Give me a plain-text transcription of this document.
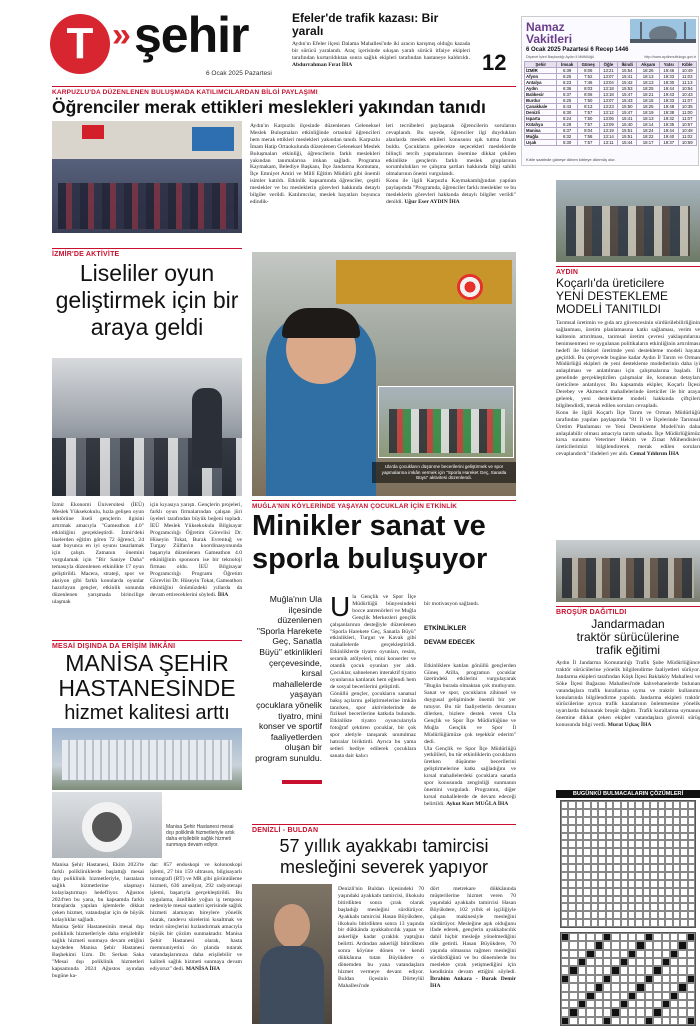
T » şehir
6 Ocak 2025 Pazartesi
Efeler'de trafik kazası: Bir yaralı
Aydın'ın Efeler ilçesi Dalama Mahallesi'nde iki aracın karışmış olduğu kazada bir sürücü yaralandı. Araç içerisinde sıkışan yaralı sürücü itfaiye ekipleri tarafından kurtarıldıktan sonra sağlık ekipleri tarafından hastaneye kaldırıldı. Abdurrahman Fırat İHA	12
Namaz
Vakitleri
6 Ocak 2025 Pazartesi 6 Recep 1446
Diyanet İşleri Başkanlığı Aydın İl Müftülüğü	http://www.aydinmuftulugu.gov.tr
Şehir	İmsak	Güneş	Öğle	İkindi	Akşam	Yatsı	Kıble
İZMİR	6:39	8:06	13:21	15:54	18:26	19:46	10:49
Afyon	6:25	7:52	13:07	15:41	18:13	19:33	11:03
Antalya	6:23	7:46	13:04	15:42	18:13	19:30	11:13
Aydın	6:36	8:03	13:18	15:53	18:25	19:44	10:54
Balıkesir	6:37	8:06	13:18	15:47	18:21	19:43	10:43
Burdur	6:25	7:50	13:07	15:43	18:15	19:33	11:07
Çanakkale	6:43	8:13	13:23	15:50	18:25	19:48	10:35
Denizli	6:30	7:57	13:12	15:47	18:19	19:38	11:00
Isparta	6:24	7:50	13:06	15:41	18:13	19:32	11:07
Kütahya	6:28	7:57	13:09	15:40	18:14	19:35	10:57
Manisa	6:37	8:04	13:19	15:51	18:24	19:44	10:48
Muğla	6:32	7:58	13:14	15:51	18:22	19:40	11:02
Uşak	6:30	7:57	13:11	15:44	18:17	19:37	10:59
Kıble saatinde güneşe dönen kıbleye dönmüş olur.
KARPUZLU'DA DÜZENLENEN BULUŞMADA KATILIMCILARDAN BİLGİ PAYLAŞIMI
Öğrenciler merak ettikleri meslekleri yakından tanıdı
Aydın'ın Karpuzlu ilçesinde düzenlenen Geleneksel Meslek Buluşmaları etkinliğinde ortaokul öğrencileri hem merak ettikleri meslekleri yakından tanıdı. Karpuzlu İmam Hatip Ortaokulunda düzenlenen Geleneksel Meslek Buluşmaları etkinliği, öğrencilerin farklı meslekleri yakından tanımalarına imkan sağladı. Programa Kaymakam, Belediye Başkanı, İlçe Jandarma Komutanı, İlçe Emniyet Amiri ve Millî Eğitim Müdürü gibi önemli isimler katıldı. Etkinlik kapsamında öğrenciler, çeşitli meslekler ve bu mesleklerin görevleri hakkında detaylı bilgiler verildi. Katılımcılar, meslek hayatları boyunca edindik-
leri tecrübeleri paylaşarak öğrencilerin sorularını cevaplandı. Bu sayede, öğrenciler ilgi duydukları alanlarda meslek etkileri konusunu ışık tutma fırsatı buldu. Çocukların gelecekte seçecekleri mesleklerde bilinçli tercih yapmalarının önemine dikkat çekilen etkinlikte gençlerin farklı meslek gruplarının sorumlulukları ve çalışma şartları hakkında bilgi sahibi olmalarının önemi vurgulandı.
Konu ile ilgili Karpuzlu Kaymakamlığından yapılan paylaşımda "Programda, öğrenciler farklı meslekler ve bu mesleklerin görevleri hakkında detaylı bilgiler verildi" denildi. Uğur Eser AYDIN İHA
İZMİR'DE AKTİVİTE
Liseliler oyun geliştirmek için bir araya geldi
İzmir Ekonomi Üniversitesi (İEÜ) Meslek Yüksekokulu, hızla gelişen oyun sektörüne liseli gençlerin ilgisini artırmak amacıyla "Gameathon 4.0" etkinliğini gerçekleştirdi. İzmir'deki liselerden eğitim gören 72 öğrenci, 24 saat boyunca en iyi oyunu tasarlamak için çalıştı. Zamanın önemini vurgulamak için "Bir Saniye Daha" temasıyla düzenlenen etkinlikte 17 oyun geliştirildi. Macera, strateji, spor ve aksiyon gibi farklı konularda oyunlar hazırlayan gençler, etkinlik sonunda düzenlenen yarışmada birincilige ulaşmak
için kıyasıya yarıştı. Gençlerin projeleri, farklı oyun firmalarından çalışan jüri üyeleri tarafından büyük beğeni topladı. İEÜ Meslek Yüksekokulu Bilgisayar Programcılığı Öğretim Görevlisi Dr. Hüseyin Tokat, Burak Evrentuğ ve Turgay Zülfan'ın koordinasyonunda başarıyla düzenlenen Gameathon 4.0 etkinliğinin sponsoru ise bir teknoloji firması oldu. İEÜ Bilgisayar Programcılığı Programı Öğretim Görevlisi Dr. Hüseyin Tokat, Gameathon etkinliğini önümüzdeki yıllarda da devam ettireceklerini söyledi. İHA
Ula'da çocukların düşünme becerilerini geliştirmek ve spor yapmalarına imkân vermek için "Sporla Hareket Geç, Sanatla Büyü" aktivitesi düzenlendi.
MUĞLA'NIN KÖYLERİNDE YAŞAYAN ÇOCUKLAR İÇİN ETKİNLİK
Minikler sanat ve
sporla buluşuyor
Muğla'nın Ula ilçesinde düzenlenen "Sporla Harekete Geç, Sanatla Büyü" etkinlikleri çerçevesinde, kırsal mahallelerde yaşayan çocuklara yönelik tiyatro, mini konser ve sportif faaliyetlerden oluşan bir program sunuldu.
U la Gençlik ve Spor İlçe Müdürlüğü bünyesindeki bocce antrenörleri ve Muğla Gençlik Merkezleri gençlik çalışanlarının desteğiyle düzenlenen "Sporla Harekete Geç, Sanatla Büyü" etkinlikleri, Turgut ve Kavak gibi mahallelerde gerçekleştirildi. Etkinliklerde tiyatro oyunları, resim, seramik atölyeleri, mini konserler ve otantik çocuk oyunları yer aldı. Çocuklar, sahnelenen interaktif tiyatro oyunlarına katılarak hem eğlendi hem de sosyal becerilerini geliştirdi.
Gönüllü gençler, çocukların sanatsal bakış açılarını geliştirmelerine imkân tanırken, spor aktivitelerinde de fiziksel becerilerine katkıda bulundu. Etkinlikte tiyatro oyuncularıyla fotoğraf çektiren çocuklar, bir çok spor aletiyle tanışarak unutulmaz hatıralar biriktirdi. Ayrıca bu yama setleri hediye edilerek çocuklara sanata dair kalıcı

bir motivasyon sağlandı.

ETKİNLİKLER

DEVAM EDECEK

Etkinliklere katılan gönüllü gençlerden Güneş Atilla, programın çocuklar üzerindeki etkilerini vurgulayarak "Bugün burada olmaktan çok mutluyum. Sanat ve spor, çocukların zihinsel ve duygusal gelişiminde önemli bir yer tutuyor. Bu tür faaliyetlerin devamını dilerken, bizlere destek veren Ula Gençlik ve Spor İlçe Müdürlüğüne ve Muğla Gençlik ve Spor İl Müdürlüğümüze çok teşekkür ederim" dedi.
Ula Gençlik ve Spor İlçe Müdürlüğü yetkilileri, bu tür etkinliklerin çocukların üretken düşünme becerilerini geliştirmelerine katkı sağladığını ve kırsal mahallelerdeki çocuklara sanatla spor konusunda zenginliği sunmanın önemini vurguladı. Programın, diğer kırsal mahallelerde de devam edeceği belirtildi. Aykut Kurt MUĞLA İHA

MESAİ DIŞINDA DA ERİŞİM İMKÂNI
MANİSA ŞEHİR
HASTANESİNDE
hizmet kalitesi arttı
Manisa Şehir Hastanesi mesai dışı poliklinik hizmetleriyle artık daha erişilebilir sağlık hizmeti sunmaya devam ediyor.
Manisa Şehir Hastanesi, Ekim 2023'te farklı polikliniklerde başlattığı mesai dışı poliklinik hizmetleriyle, hastalara sağlık hizmetlerine ulaşmayı kolaylaştırmayı hedefliyor. Ağustos 2024'ten bu yana, bu kapsamda farklı branşlarda yapılan işlemlerle dikkat çeken hizmet, vatandaşlar için de büyük kolaylıklar sağladı.
Manisa Şehir Hastanesinin mesai dışı poliklinik hizmetleriyle daha erişilebilir sağlık hizmeti sunmaya devam ettiğini kaydeden Manisa Şehir Hastanesi Başhekimi Uzm. Dr. Serkan Saka "Mesai dışı poliklinik hizmetleri kapsamında 2024 Ağustos ayından bugüne ka-
dar: 857 endoskopi ve kolonoskopi işlemi, 27 bin 159 ultrason, bilgisayarlı tomografi (BT) ve MR gibi görüntüleme hizmeti, 636 ameliyat, 292 radyoterapi işlemi, başarıyla gerçekleştirildi. Bu uygulama, özellikle yoğun iş temposu nedeniyle mesai saatleri içerisinde sağlık hizmeti alamayan bireylere yönelik olarak, randevu sürelerini kısaltmak ve tedavi süreçlerini hızlandırmak amacıyla büyük bir çözüm sunmaktadır. Manisa Şehir Hastanesi olarak, hasta memnuniyetini ön planda tutarak vatandaşlarımıza daha erişilebilir ve kaliteli sağlık hizmeti sunmaya devam ediyoruz" dedi. MANİSA İHA
DENİZLİ - BULDAN
57 yıllık ayakkabı tamircisi
mesleğini severek yapıyor
Denizli'nin Buldan ilçesindeki 70 yaşındaki ayakkabı tamircisi, ilkokulu bitirdikten sonra çırak olarak başladığı mesleğini sürdürüyor. Ayakkabı tamircisi Hasan Büyükdere, ilkokulu bitirdikten sonra 13 yaşında bir dükkânda ayakkabıcılık yapan ve askerliğe kadar çıraklık yaptığını belirtti. Ardından askerliği bitirdikten sonra köyüne dönen ve kendi dükkânına tutan Büyükdere o dönemden bu yana vatandaşlara hizmet vermeye devam ediyor. Buldan ilçesinin Dörteylül Mahallesi'nde
dört metrekare dükkânında müşterilerine hizmet veren 70 yaşındaki ayakkabı tamircisi Hasan Büyükdere, 102 yıllık el işçiliğiyle çalışan makinesiyle mesleğini sürdürüyor. Mesleğine aşık olduğunu ifade ederek, gençlerin ayakkabıcılık dahil hiçbir mesleğe yönelmediğini dile getirdi. Hasan Büyükdere, 70 yaşında olmasına rağmen mesleğini sürdürdüğünü ve bu dönemlerde bu meslekte çırak yetişmediğini için kendisinin devam ettiğini söyledi. İbrahim Ankara - Burak Demir İHA
AYDIN
Koçarlı'da üreticilere
YENİ DESTEKLEME
MODELİ TANITILDI
Tarımsal üretimin ve gıda arz güvencesinin sürdürülebilirliğinin sağlanması, üretim planlamasına katkı sağlaması, verim ve kalitenin artırılması, tarımsal üretim çevresi yaklaşımlarını benimsenmesi ve uygulanan politikaların etkinliğinin artırılması hedefi ile bitkisel üretimde yeni destekleme modeli hayata geçirildi. Bu çerçevede bugüne kadar Aydın İl Tarım ve Orman Müdürlüğü ekipleri de yeni destekleme modellerinin daha iyi anlaşılması ve anlatılması için çalışmalarına başladı. İl genelinde gerçekleştirilen çalışmalar ile, konunun detayları üreticilere anlatılıyor. Bu kapsamda ekipler, Koçarlı İlçesi Derebey ve Akmescit mahallelerinde üreticiler ile bir araya gelerek, yeni destekleme modeli hakkında çiftçileri bilgilendirdi, merak edilen soruları cevapladı.
Konu ile ilgili Koçarlı İlçe Tarım ve Orman Müdürlüğü tarafından yapılan paylaşımda "81 İl ve İlçelerinde Tarımsal Üretim Planlaması ve Yeni Destekleme Modeli'nin daha anlaşılabilir olması amacıyla tarım sahada. İlçe Müdürlüğümüz kırsa sunumu Veteriner Hekim ve Ziraat Mühendisleri üreticilerimizi bilgilendirerek merak edilen soruları cevaplandırdı" ifadeleri yer aldı. Cemal Yıldırım İHA
BROŞÜR DAĞITILDI
Jandarmadan
traktör sürücülerine
trafik eğitimi
Aydın İl Jandarma Komutanlığı Trafik Şube Müdürlüğünce traktör sürücülerine yönelik bilgilendirme faaliyetleri sürüyor. Jandarma ekipleri tarafından Köşk İlçesi Baklaköy Mahallesi ve Söke İlçesi Bağarası Mahallesi'nde kahvehanelerde bulunan vatandaşlara trafik kurallarına uyma ve traktör kullanımı konularında bilgilendirme yapıldı. Jandarma ekipleri traktör sürücülerine ayrıca trafik kazalarının önlenmesine yönelik uyarılarda bulunarak broşür dağıttı. Trafik kurallarına uymanın önemine dikkat çeken ekipler vatandaşlara güvenli sürüş konusunda bilgi verdi. Murat Uçkaç İHA
BUGÜNKÜ BULMACALARIN ÇÖZÜMLERİ
